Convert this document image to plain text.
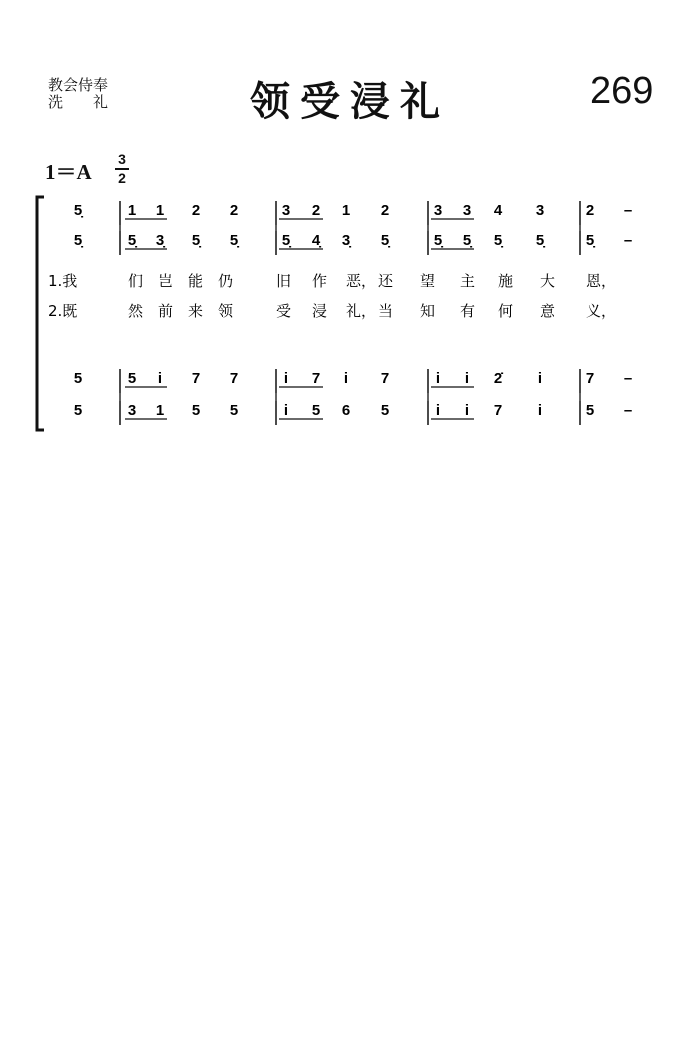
教会侍奉
洗　　礼	领受浸礼	269
1＝A
3
2
5̣	1 1 2 2	3 2 1 2	3 3 4 3	2 –
5̣	5̣ 3̣ 5̣ 5̣	5̣ 4̣ 3̣ 5̣	5̣ 5̣ 5̣ 5̣	5̣ –
5	5 i 7 7	i 7 i 7	i i 2̇ i	7 –
5	3 1 5 5	i 5 6 5	i i 7 i	5 –
1.我	们 岂 能 仍	旧 作 恶， 还 望 主 施 大 恩，
2.既	然 前 来 领	受 浸 礼， 当 知 有 何 意 义，
